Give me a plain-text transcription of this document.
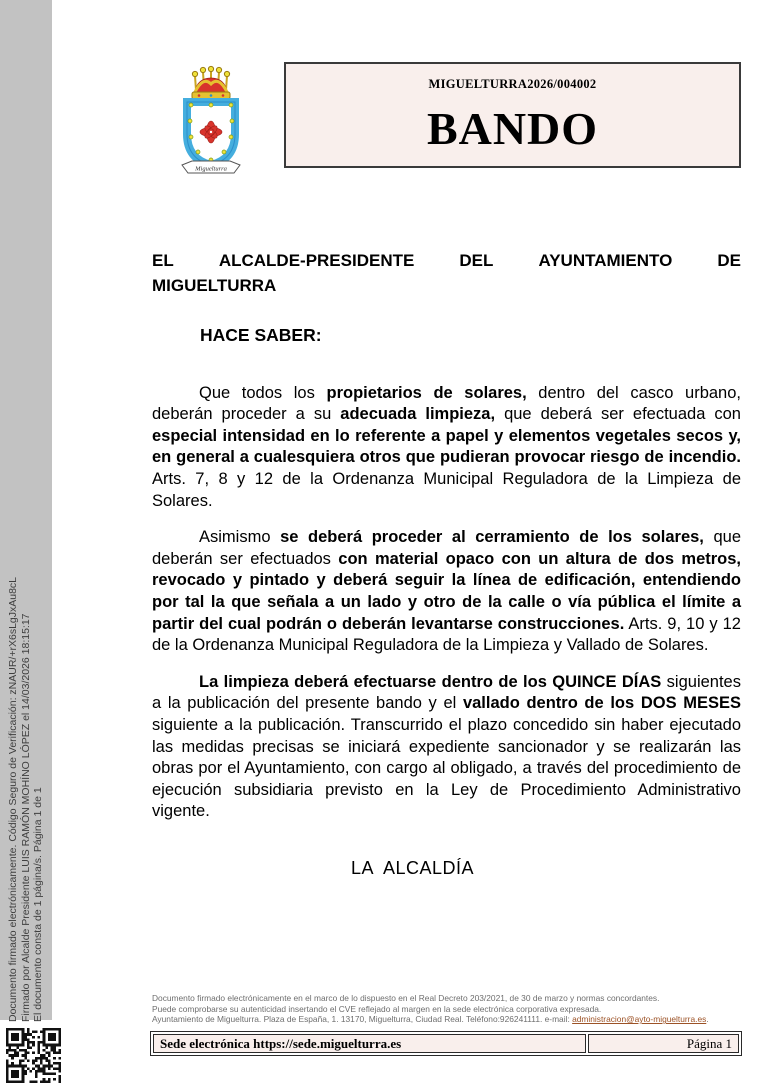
Documento firmado electrónicamente. Código Seguro de Verificación: zNAUR/+rX6sLgJxAu8cL Firmado por Alcalde Presidente LUIS RAMÓN MOHÍNO LÓPEZ el 14/03/2026 18:15:17 El documento consta de 1 página/s. Página 1 de 1
Miguelturra
MIGUELTURRA2026/004002
BANDO
EL	ALCALDE-PRESIDENTE	DEL	AYUNTAMIENTO	DE
MIGUELTURRA
HACE SABER:

Que todos los propietarios de solares, dentro del casco urbano, deberán proceder a su adecuada limpieza, que deberá ser efectuada con especial intensidad en lo referente a papel y elementos vegetales secos y, en general a cualesquiera otros que pudieran provocar riesgo de incendio. Arts. 7, 8 y 12 de la Ordenanza Municipal Reguladora de la Limpieza de Solares.

Asimismo se deberá proceder al cerramiento de los solares, que deberán ser efectuados con material opaco con un altura de dos metros, revocado y pintado y deberá seguir la línea de edificación, entendiendo por tal la que señala a un lado y otro de la calle o vía pública el límite a partir del cual podrán o deberán levantarse construcciones. Arts. 9, 10 y 12 de la Ordenanza Municipal Reguladora de la Limpieza y Vallado de Solares.

La limpieza deberá efectuarse dentro de los QUINCE DÍAS siguientes a la publicación del presente bando y el vallado dentro de los DOS MESES siguiente a la publicación. Transcurrido el plazo concedido sin haber ejecutado las medidas precisas se iniciará expediente sancionador y se realizarán las obras por el Ayuntamiento, con cargo al obligado, a través del procedimiento de ejecución subsidiaria previsto en la Ley de Procedimiento Administrativo vigente.

LA  ALCALDÍA
Documento firmado electrónicamente en el marco de lo dispuesto en el Real Decreto 203/2021, de 30 de marzo y normas concordantes.
Puede comprobarse su autenticidad insertando el CVE reflejado al margen en la sede electrónica corporativa expresada.
Ayuntamiento de Miguelturra. Plaza de España, 1. 13170, Miguelturra, Ciudad Real. Teléfono:926241111. e-mail: administracion@ayto-miguelturra.es.
Sede electrónica https://sede.miguelturra.es	Página 1
